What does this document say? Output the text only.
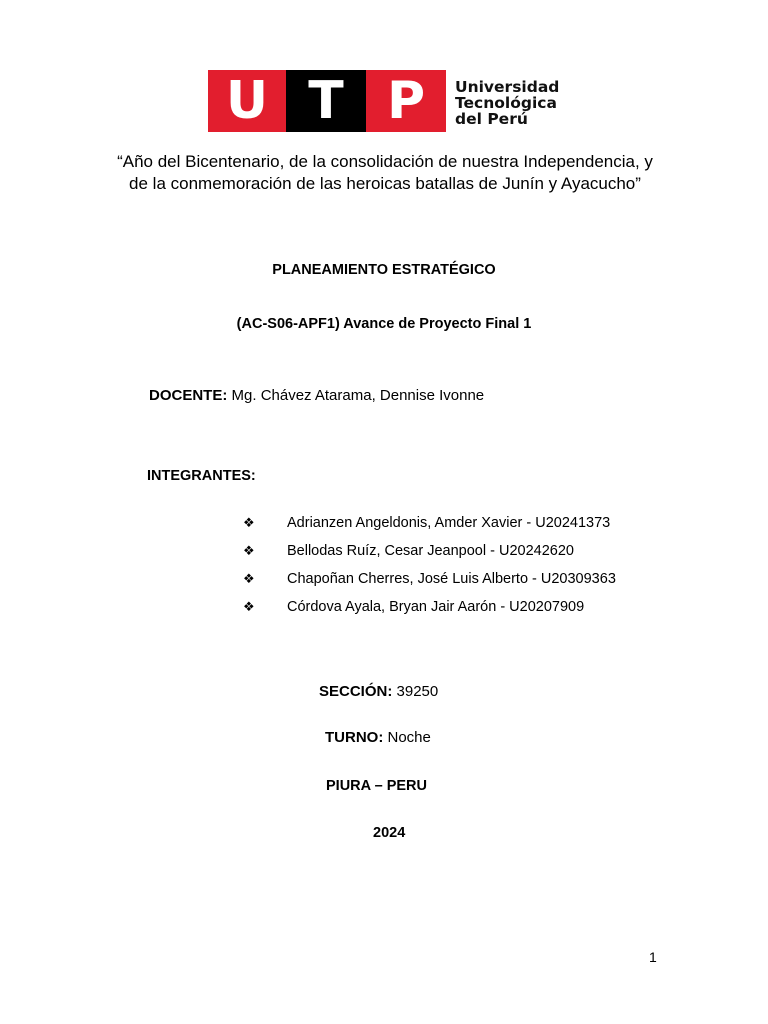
U T P	Universidad
Tecnológica
del Perú
“Año del Bicentenario, de la consolidación de nuestra Independencia, y
de la conmemoración de las heroicas batallas de Junín y Ayacucho”
PLANEAMIENTO ESTRATÉGICO
(AC-S06-APF1) Avance de Proyecto Final 1
DOCENTE: Mg. Chávez Atarama, Dennise Ivonne
INTEGRANTES:
❖	Adrianzen Angeldonis, Amder Xavier - U20241373
❖	Bellodas Ruíz, Cesar Jeanpool - U20242620
❖	Chapoñan Cherres, José Luis Alberto - U20309363
❖	Córdova Ayala, Bryan Jair Aarón - U20207909
SECCIÓN: 39250
TURNO: Noche
PIURA – PERU
2024
1
